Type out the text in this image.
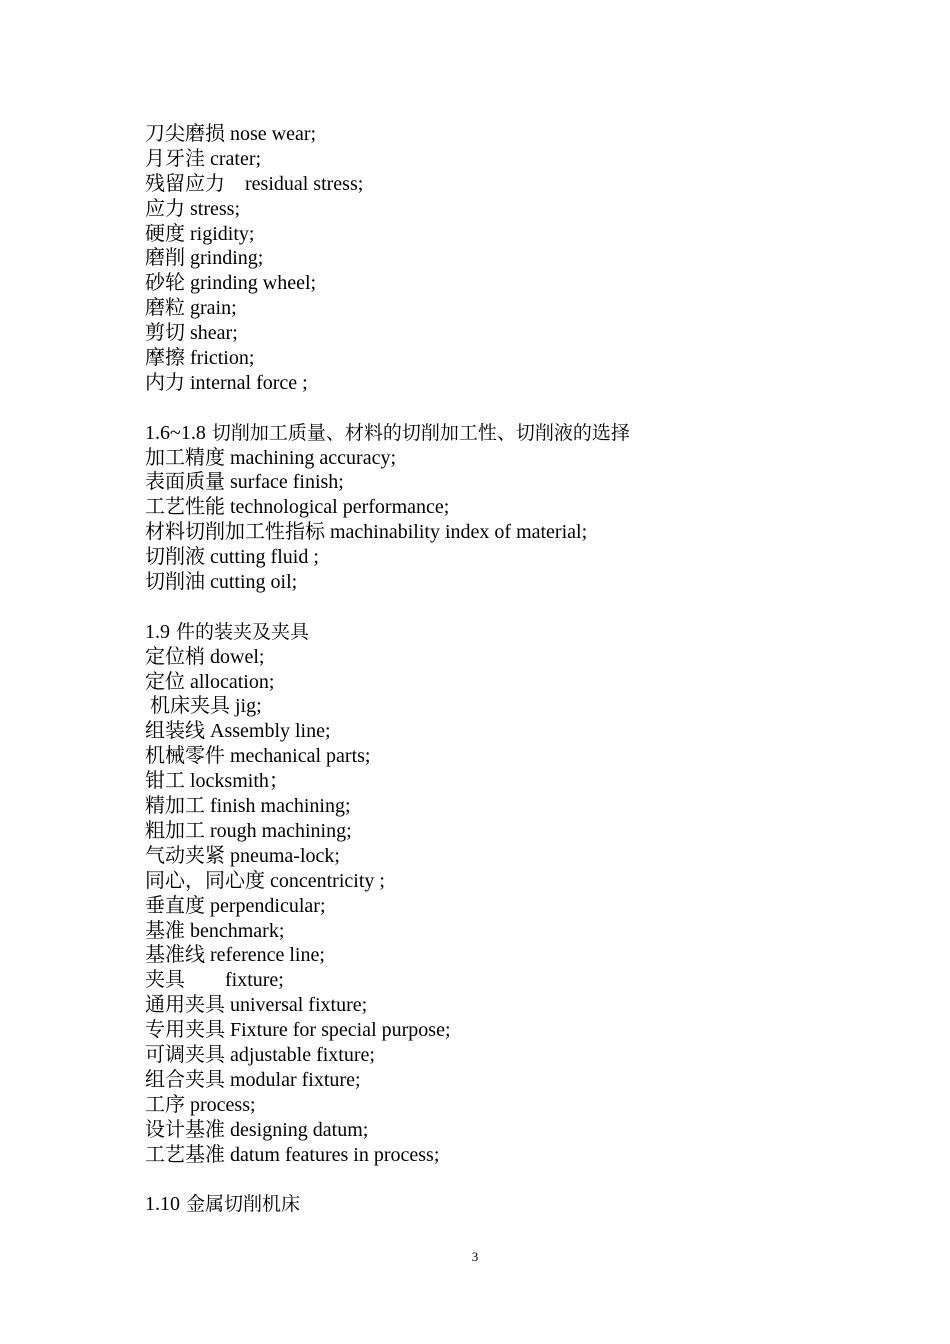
刀尖磨损 nose wear;
月牙洼 crater;
残留应力    residual stress;
应力 stress;
硬度 rigidity;
磨削 grinding;
砂轮 grinding wheel;
磨粒 grain;
剪切 shear;
摩擦 friction;
内力 internal force ;
1.6~1.8 切削加工质量、材料的切削加工性、切削液的选择
加工精度 machining accuracy;
表面质量 surface finish;
工艺性能 technological performance;
材料切削加工性指标 machinability index of material;
切削液 cutting fluid ;
切削油 cutting oil;
1.9 件的装夹及夹具
定位梢 dowel;
定位 allocation;
机床夹具 jig;
组装线 Assembly line;
机械零件 mechanical parts;
钳工 locksmith；
精加工 finish machining;
粗加工 rough machining;
气动夹紧 pneuma-lock;
同心，同心度 concentricity ;
垂直度 perpendicular;
基准 benchmark;
基准线 reference line;
夹具        fixture;
通用夹具 universal fixture;
专用夹具 Fixture for special purpose;
可调夹具 adjustable fixture;
组合夹具 modular fixture;
工序 process;
设计基准 designing datum;
工艺基准 datum features in process;
1.10 金属切削机床
3
